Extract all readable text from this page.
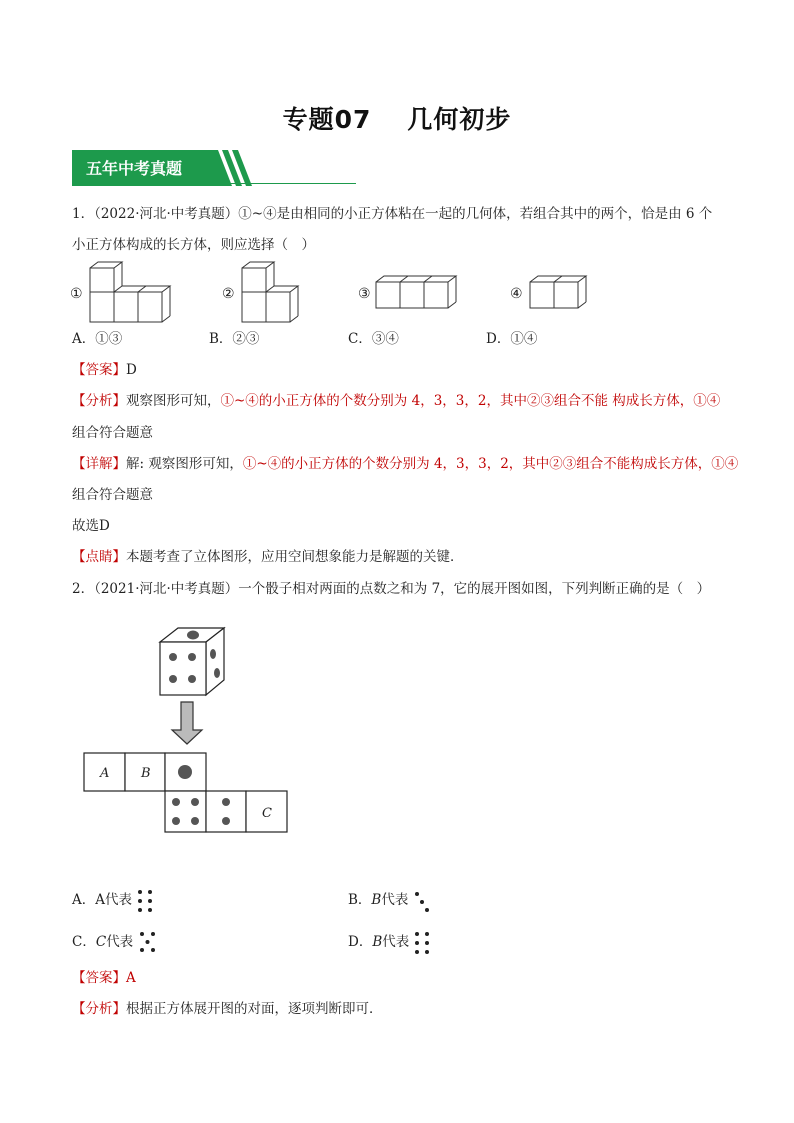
专题07 几何初步
五年中考真题
1．（2022·河北·中考真题）①~④是由相同的小正方体粘在一起的几何体，若组合其中的两个，恰是由 6 个
小正方体构成的长方体，则应选择（　）
①	②	③	④
A．①③	B．②③	C．③④	D．①④
【答案】D
【分析】观察图形可知，①~④的小正方体的个数分别为 4，3，3，2，其中②③组合不能 构成长方体，①④
组合符合题意
【详解】解: 观察图形可知，①~④的小正方体的个数分别为 4，3，3，2，其中②③组合不能构成长方体，①④
组合符合题意
故选D
【点睛】本题考查了立体图形，应用空间想象能力是解题的关键．
2．（2021·河北·中考真题）一个骰子相对两面的点数之和为 7，它的展开图如图，下列判断正确的是（　）
A B
C
A．A代表	B．B代表
C．C代表	D．B代表
【答案】A
【分析】根据正方体展开图的对面，逐项判断即可．
